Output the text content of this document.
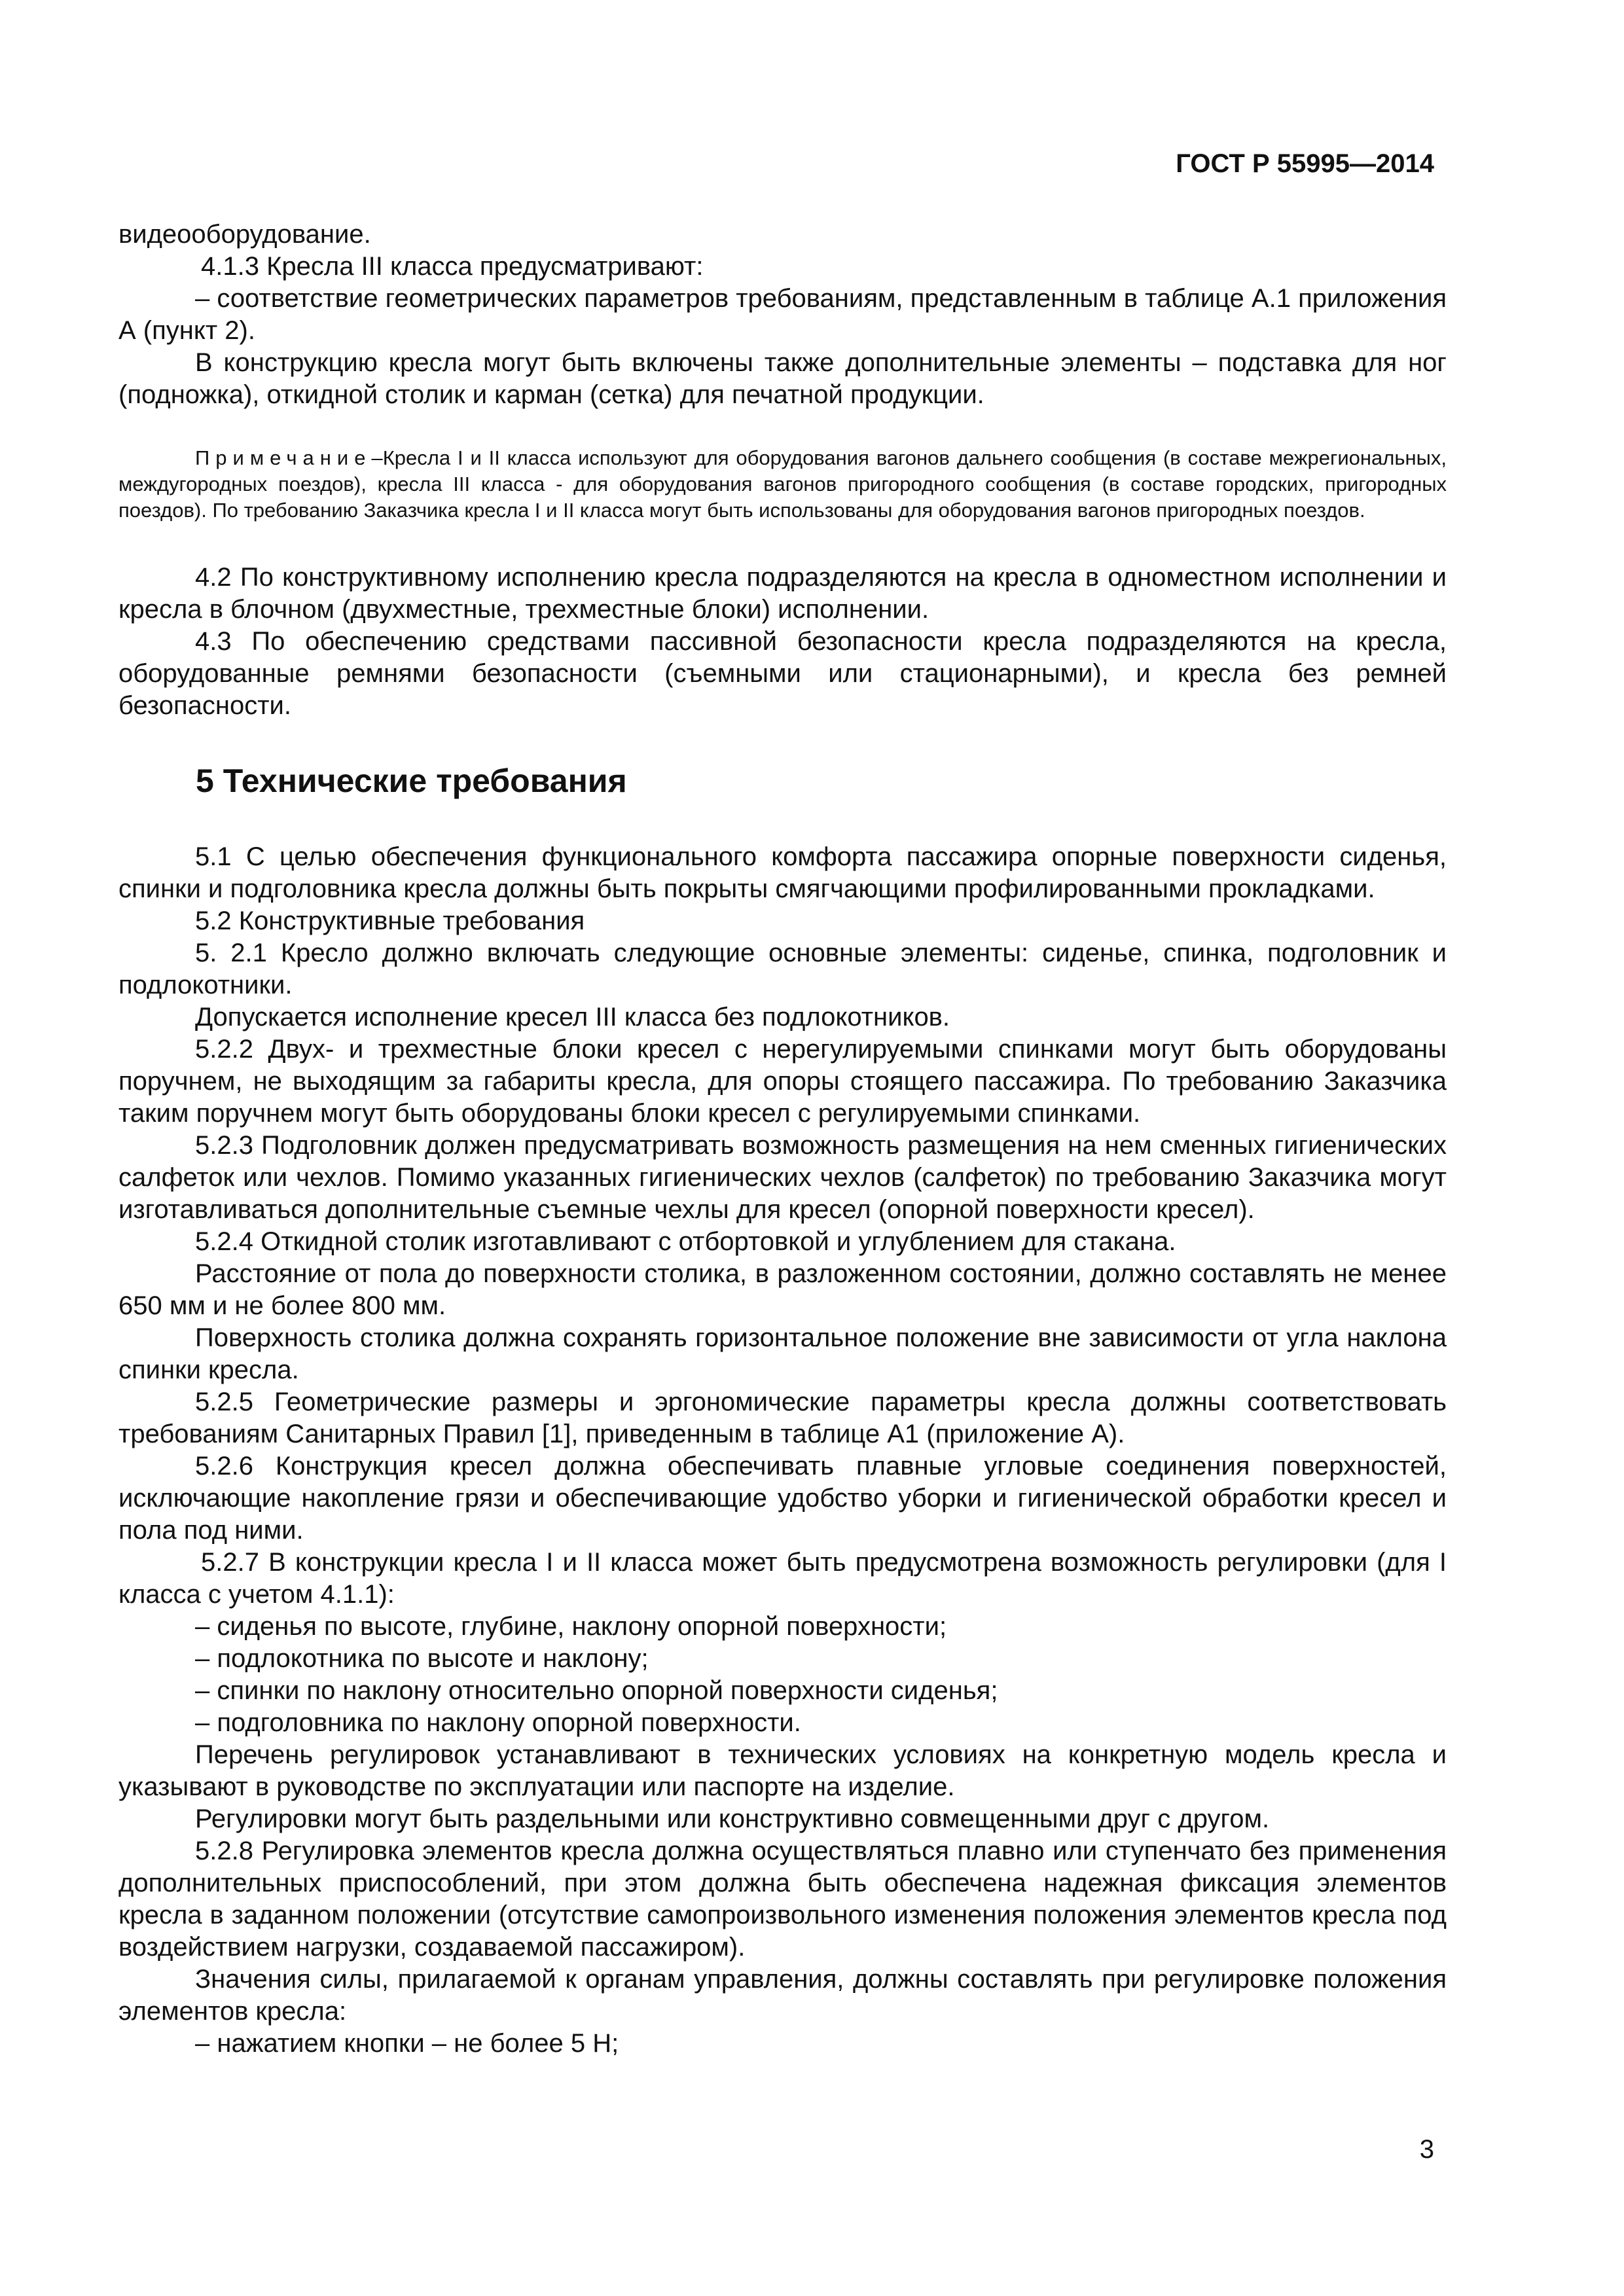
ГОСТ Р 55995—2014

видеооборудование.

4.1.3 Кресла III класса предусматривают:

– соответствие геометрических параметров требованиям, представленным в таблице А.1 приложения А (пункт 2).

В конструкцию кресла могут быть включены также дополнительные элементы – подставка для ног (подножка), откидной столик и карман (сетка) для печатной продукции.

Примечание–Кресла I и II класса используют для оборудования вагонов дальнего сообщения (в составе межрегиональных, междугородных поездов), кресла III класса - для оборудования вагонов пригородного сообщения (в составе городских, пригородных поездов). По требованию Заказчика кресла I и II класса могут быть использованы для оборудования вагонов пригородных поездов.

4.2 По конструктивному исполнению кресла подразделяются на кресла в одноместном исполнении и кресла в блочном (двухместные, трехместные блоки) исполнении.

4.3 По обеспечению средствами пассивной безопасности кресла подразделяются на кресла, оборудованные ремнями безопасности (съемными или стационарными), и кресла без ремней безопасности.

5 Технические требования

5.1 С целью обеспечения функционального комфорта пассажира опорные поверхности сиденья, спинки и подголовника кресла должны быть покрыты смягчающими профилированными прокладками.

5.2 Конструктивные требования

5. 2.1 Кресло должно включать следующие основные элементы: сиденье, спинка, подголовник и подлокотники.

Допускается исполнение кресел III класса без подлокотников.

5.2.2 Двух- и трехместные блоки кресел с нерегулируемыми спинками могут быть оборудованы поручнем, не выходящим за габариты кресла, для опоры стоящего пассажира. По требованию Заказчика таким поручнем могут быть оборудованы блоки кресел с регулируемыми спинками.

5.2.3 Подголовник должен предусматривать возможность размещения на нем сменных гигиенических салфеток или чехлов. Помимо указанных гигиенических чехлов (салфеток) по требованию Заказчика могут изготавливаться дополнительные съемные чехлы для кресел (опорной поверхности кресел).

5.2.4 Откидной столик изготавливают с отбортовкой и углублением для стакана.

Расстояние от пола до поверхности столика, в разложенном состоянии, должно составлять не менее 650 мм и не более 800 мм.

Поверхность столика должна сохранять горизонтальное положение вне зависимости от угла наклона спинки кресла.

5.2.5 Геометрические размеры и эргономические параметры кресла должны соответствовать требованиям Санитарных Правил [1], приведенным в таблице А1 (приложение А).

5.2.6 Конструкция кресел должна обеспечивать плавные угловые соединения поверхностей, исключающие накопление грязи и обеспечивающие удобство уборки и гигиенической обработки кресел и пола под ними.

5.2.7 В конструкции кресла I и II класса может быть предусмотрена возможность регулировки (для I класса с учетом 4.1.1):

– сиденья по высоте, глубине, наклону опорной поверхности;

– подлокотника по высоте и наклону;

– спинки по наклону относительно опорной поверхности сиденья;

– подголовника по наклону опорной поверхности.

Перечень регулировок устанавливают в технических условиях на конкретную модель кресла и указывают в руководстве по эксплуатации или паспорте на изделие.

Регулировки могут быть раздельными или конструктивно совмещенными друг с другом.

5.2.8 Регулировка элементов кресла должна осуществляться плавно или ступенчато без применения дополнительных приспособлений, при этом должна быть обеспечена надежная фиксация элементов кресла в заданном положении (отсутствие самопроизвольного изменения положения элементов кресла под воздействием нагрузки, создаваемой пассажиром).

Значения силы, прилагаемой к органам управления, должны составлять при регулировке положения элементов кресла:

– нажатием кнопки – не более 5 Н;

3
